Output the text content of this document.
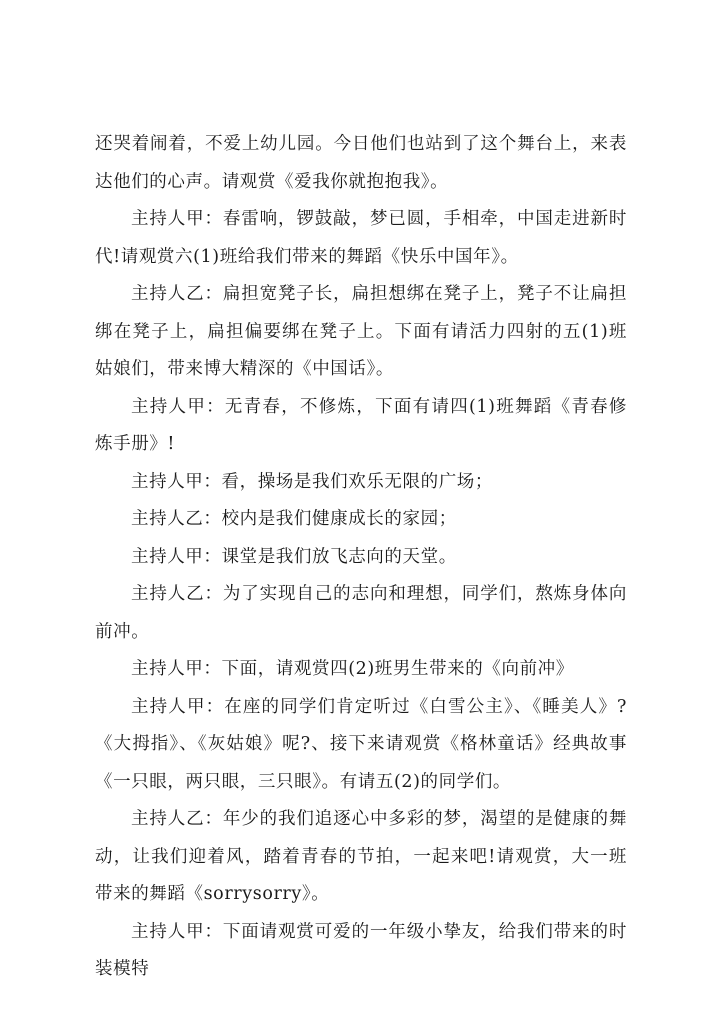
还哭着闹着，不爱上幼儿园。今日他们也站到了这个舞台上，来表达他们的心声。请观赏《爱我你就抱抱我》。

主持人甲：春雷响，锣鼓敲，梦已圆，手相牵，中国走进新时代!请观赏六(1)班给我们带来的舞蹈《快乐中国年》。

主持人乙：扁担宽凳子长，扁担想绑在凳子上，凳子不让扁担绑在凳子上，扁担偏要绑在凳子上。下面有请活力四射的五(1)班姑娘们，带来博大精深的《中国话》。

主持人甲：无青春，不修炼，下面有请四(1)班舞蹈《青春修炼手册》!

主持人甲：看，操场是我们欢乐无限的广场；

主持人乙：校内是我们健康成长的家园；

主持人甲：课堂是我们放飞志向的天堂。

主持人乙：为了实现自己的志向和理想，同学们，熬炼身体向前冲。

主持人甲：下面，请观赏四(2)班男生带来的《向前冲》

主持人甲：在座的同学们肯定听过《白雪公主》、《睡美人》?《大拇指》、《灰姑娘》呢?、接下来请观赏《格林童话》经典故事《一只眼，两只眼，三只眼》。有请五(2)的同学们。

主持人乙：年少的我们追逐心中多彩的梦，渴望的是健康的舞动，让我们迎着风，踏着青春的节拍，一起来吧!请观赏，大一班带来的舞蹈《sorrysorry》。

主持人甲：下面请观赏可爱的一年级小挚友，给我们带来的时装模特
